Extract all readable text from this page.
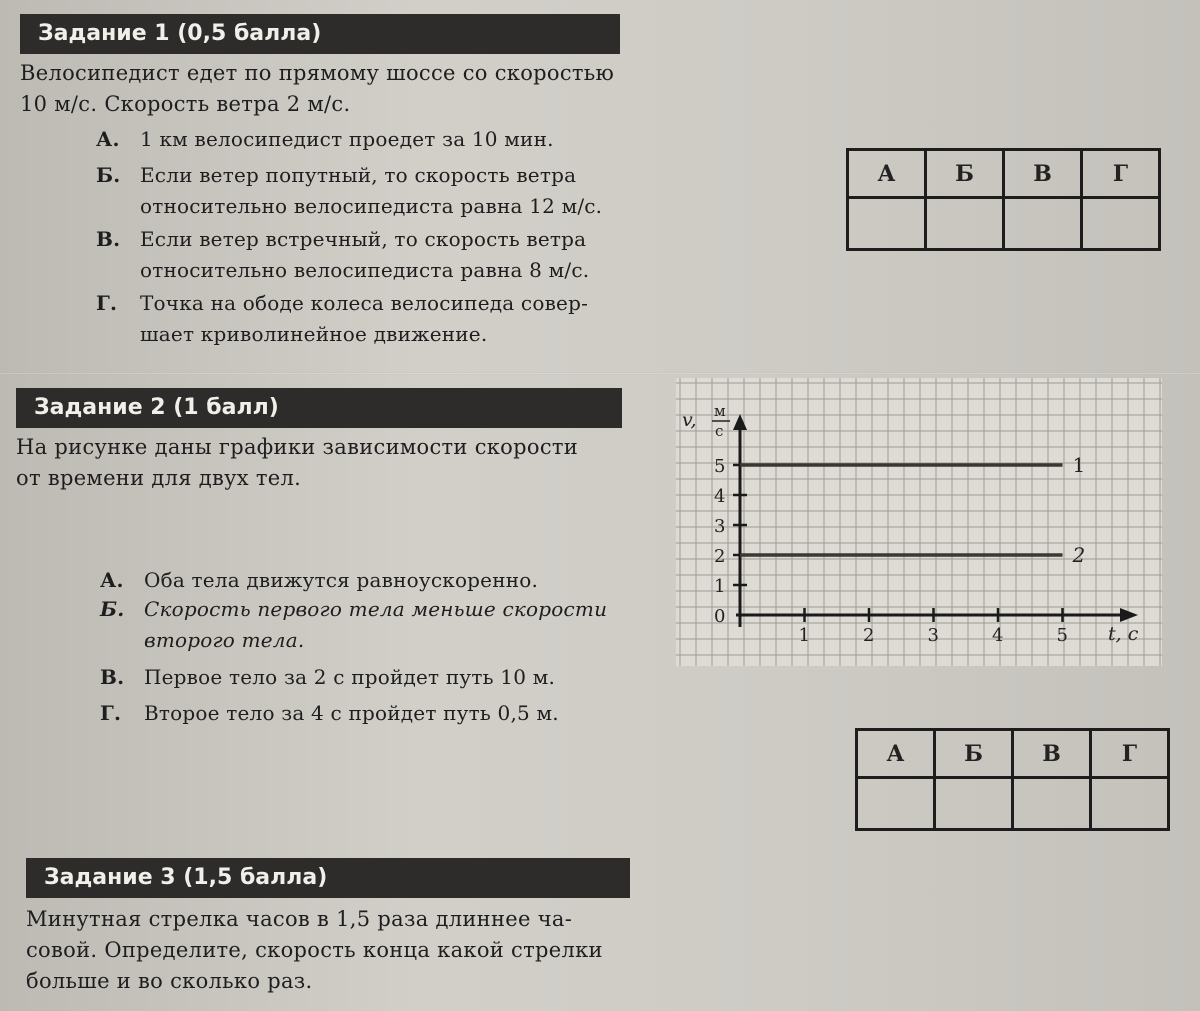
Задание 1 (0,5 балла)
Велосипедист едет по прямому шоссе со скоростью
10 м/с. Скорость ветра 2 м/с.
А. 1 км велосипедист проедет за 10 мин.
Б. Если ветер попутный, то скорость ветра
относительно велосипедиста равна 12 м/с.
В. Если ветер встречный, то скорость ветра
относительно велосипедиста равна 8 м/с.
Г. Точка на ободе колеса велосипеда совер-
шает криволинейное движение.
А	Б	В	Г

Задание 2 (1 балл)
На рисунке даны графики зависимости скорости
от времени для двух тел.
А. Оба тела движутся равноускоренно.
Б. Скорость первого тела меньше скорости
второго тела.
В. Первое тело за 2 с пройдет путь 10 м.
Г. Второе тело за 4 с пройдет путь 0,5 м.
1	2	3	4	5
0
1
2
3
4
5	1
2
v, м
с
t, c
А	Б	В	Г

Задание 3 (1,5 балла)
Минутная стрелка часов в 1,5 раза длиннее ча-
совой. Определите, скорость конца какой стрелки
больше и во сколько раз.
